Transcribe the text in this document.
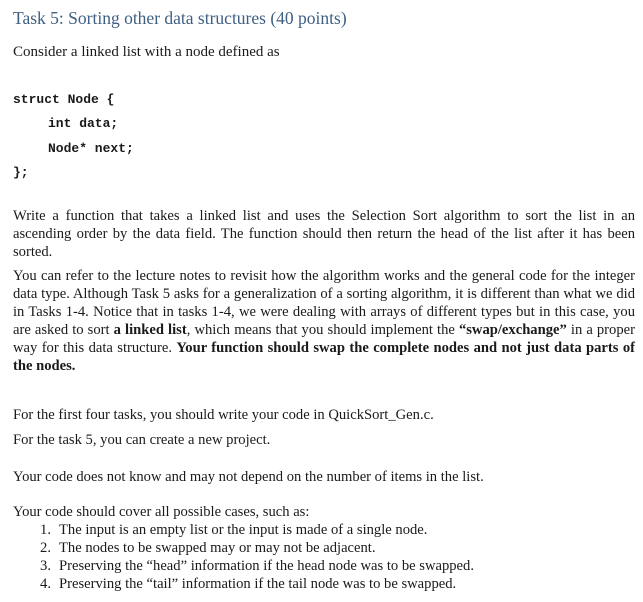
Task 5: Sorting other data structures (40 points)
Consider a linked list with a node defined as
struct Node {
int data;
Node* next;
};

Write a function that takes a linked list and uses the Selection Sort algorithm to sort the list in an ascending order by the data field. The function should then return the head of the list after it has been sorted.

You can refer to the lecture notes to revisit how the algorithm works and the general code for the integer data type. Although Task 5 asks for a generalization of a sorting algorithm, it is different than what we did in Tasks 1-4. Notice that in tasks 1-4, we were dealing with arrays of different types but in this case, you are asked to sort a linked list, which means that you should implement the “swap/exchange” in a proper way for this data structure. Your function should swap the complete nodes and not just data parts of the nodes.

For the first four tasks, you should write your code in QuickSort_Gen.c.
For the task 5, you can create a new project.
Your code does not know and may not depend on the number of items in the list.
Your code should cover all possible cases, such as:
1. The input is an empty list or the input is made of a single node.
2. The nodes to be swapped may or may not be adjacent.
3. Preserving the “head” information if the head node was to be swapped.
4. Preserving the “tail” information if the tail node was to be swapped.
